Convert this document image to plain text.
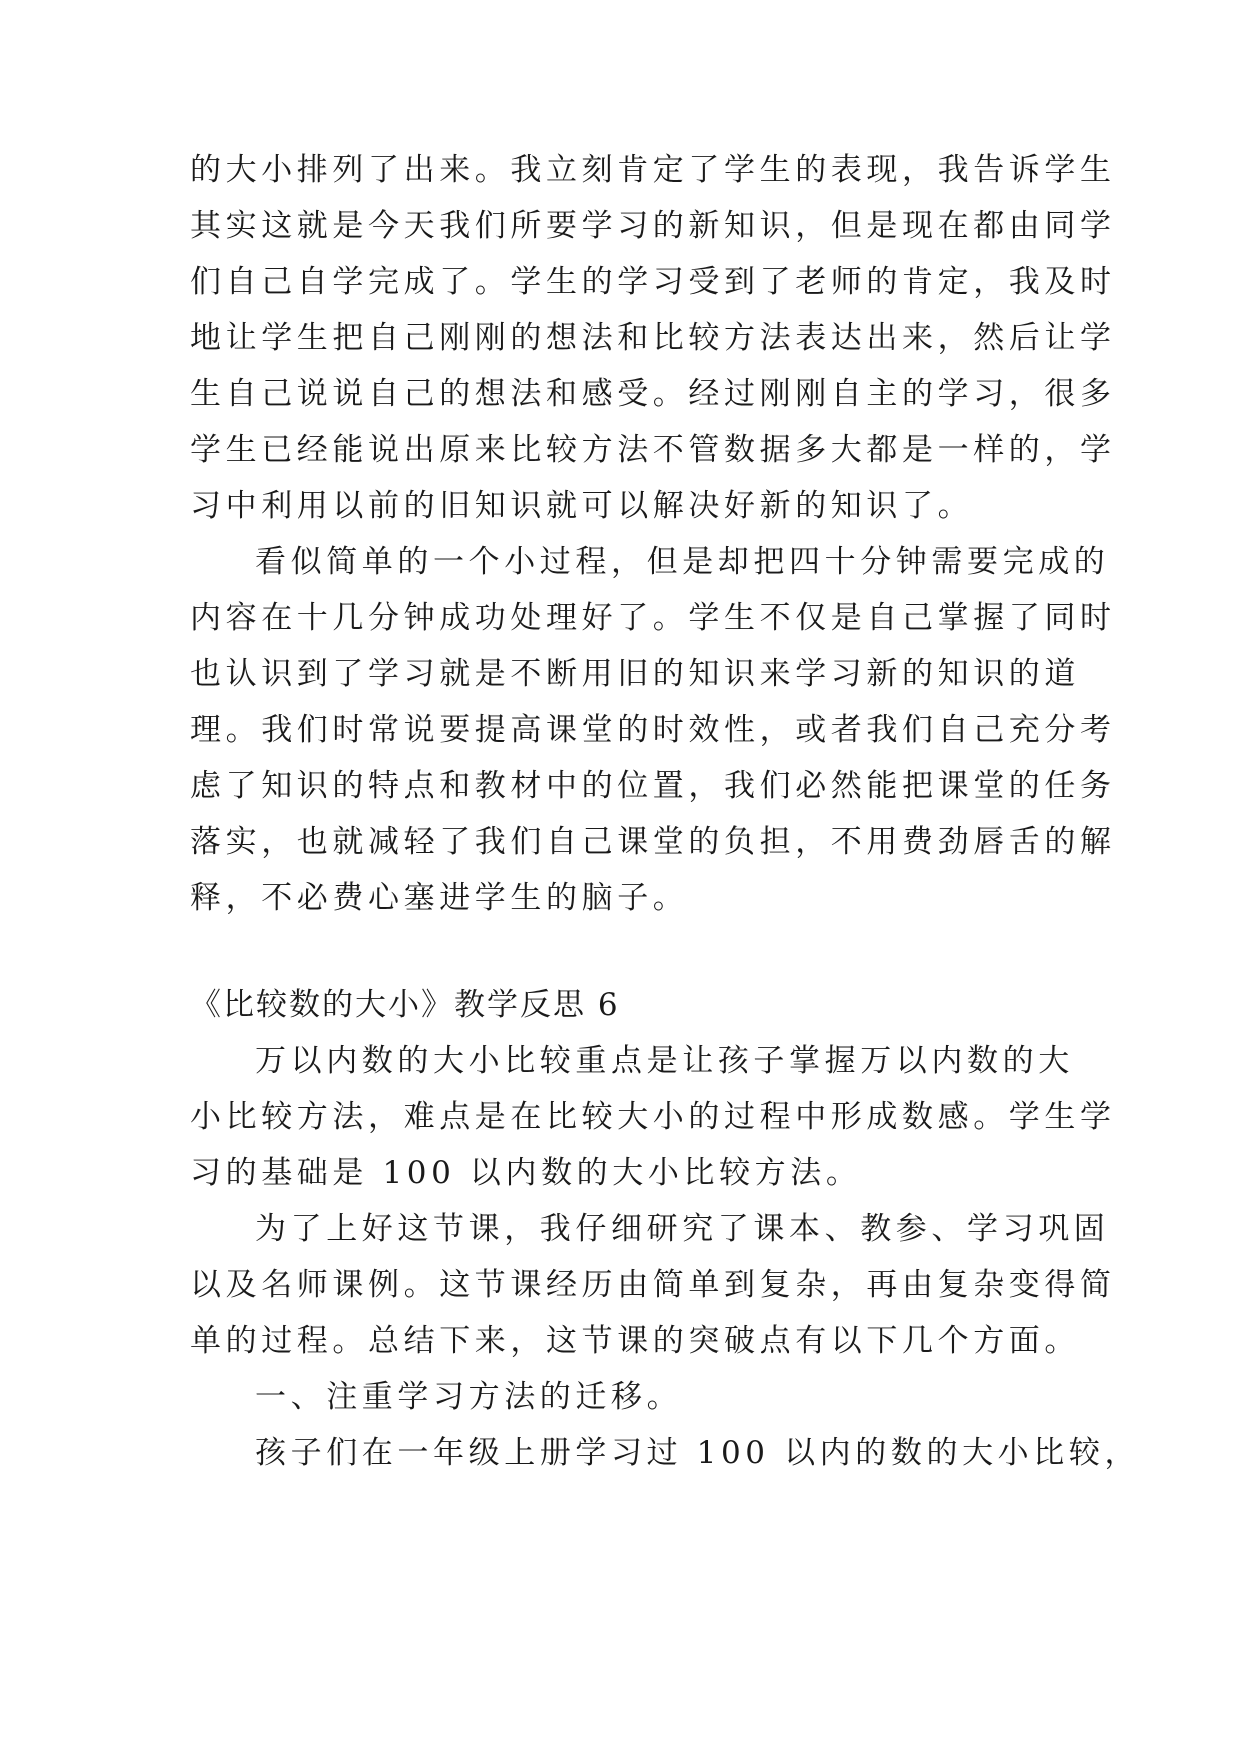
的大小排列了出来。我立刻肯定了学生的表现，我告诉学生
其实这就是今天我们所要学习的新知识，但是现在都由同学
们自己自学完成了。学生的学习受到了老师的肯定，我及时
地让学生把自己刚刚的想法和比较方法表达出来，然后让学
生自己说说自己的想法和感受。经过刚刚自主的学习，很多
学生已经能说出原来比较方法不管数据多大都是一样的，学
习中利用以前的旧知识就可以解决好新的知识了。
看似简单的一个小过程，但是却把四十分钟需要完成的
内容在十几分钟成功处理好了。学生不仅是自己掌握了同时
也认识到了学习就是不断用旧的知识来学习新的知识的道
理。我们时常说要提高课堂的时效性，或者我们自己充分考
虑了知识的特点和教材中的位置，我们必然能把课堂的任务
落实，也就减轻了我们自己课堂的负担，不用费劲唇舌的解
释，不必费心塞进学生的脑子。
《比较数的大小》教学反思 6
万以内数的大小比较重点是让孩子掌握万以内数的大
小比较方法，难点是在比较大小的过程中形成数感。学生学
习的基础是 100 以内数的大小比较方法。
为了上好这节课，我仔细研究了课本、教参、学习巩固
以及名师课例。这节课经历由简单到复杂，再由复杂变得简
单的过程。总结下来，这节课的突破点有以下几个方面。
一、注重学习方法的迁移。
孩子们在一年级上册学习过 100 以内的数的大小比较，
